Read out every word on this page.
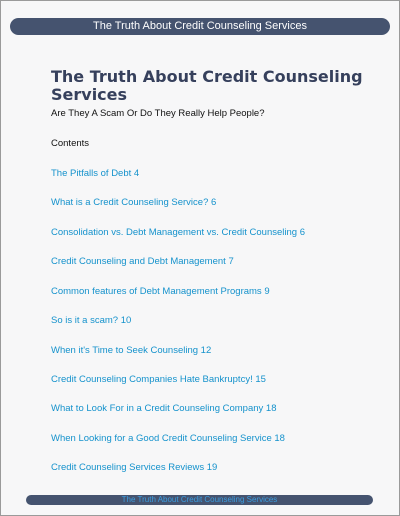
The Truth About Credit Counseling Services
The Truth About Credit Counseling Services
Are They A Scam Or Do They Really Help People?
Contents
The Pitfalls of Debt 4
What is a Credit Counseling Service? 6
Consolidation vs. Debt Management vs. Credit Counseling 6
Credit Counseling and Debt Management 7
Common features of Debt Management Programs 9
So is it a scam? 10
When it's Time to Seek Counseling 12
Credit Counseling Companies Hate Bankruptcy! 15
What to Look For in a Credit Counseling Company 18
When Looking for a Good Credit Counseling Service 18
Credit Counseling Services Reviews 19
The Truth About Credit Counseling Services
